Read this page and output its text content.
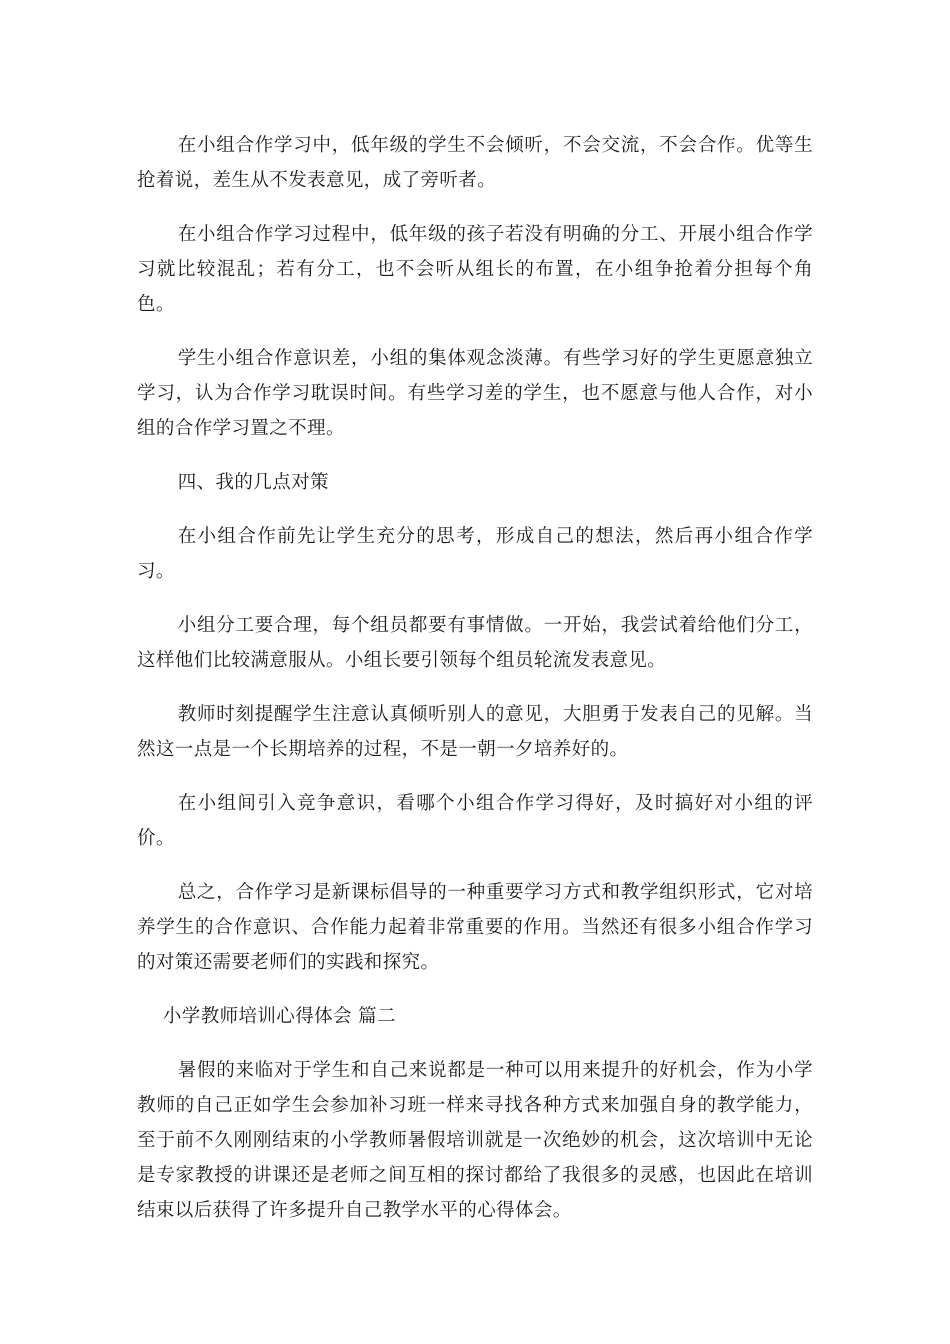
在小组合作学习中，低年级的学生不会倾听，不会交流，不会合作。优等生抢着说，差生从不发表意见，成了旁听者。

在小组合作学习过程中，低年级的孩子若没有明确的分工、开展小组合作学习就比较混乱；若有分工，也不会听从组长的布置，在小组争抢着分担每个角色。

学生小组合作意识差，小组的集体观念淡薄。有些学习好的学生更愿意独立学习，认为合作学习耽误时间。有些学习差的学生，也不愿意与他人合作，对小组的合作学习置之不理。

四、我的几点对策

在小组合作前先让学生充分的思考，形成自己的想法，然后再小组合作学习。

小组分工要合理，每个组员都要有事情做。一开始，我尝试着给他们分工，这样他们比较满意服从。小组长要引领每个组员轮流发表意见。

教师时刻提醒学生注意认真倾听别人的意见，大胆勇于发表自己的见解。当然这一点是一个长期培养的过程，不是一朝一夕培养好的。

在小组间引入竞争意识，看哪个小组合作学习得好，及时搞好对小组的评价。

总之，合作学习是新课标倡导的一种重要学习方式和教学组织形式，它对培养学生的合作意识、合作能力起着非常重要的作用。当然还有很多小组合作学习的对策还需要老师们的实践和探究。

小学教师培训心得体会 篇二

暑假的来临对于学生和自己来说都是一种可以用来提升的好机会，作为小学教师的自己正如学生会参加补习班一样来寻找各种方式来加强自身的教学能力，至于前不久刚刚结束的小学教师暑假培训就是一次绝妙的机会，这次培训中无论是专家教授的讲课还是老师之间互相的探讨都给了我很多的灵感，也因此在培训结束以后获得了许多提升自己教学水平的心得体会。
